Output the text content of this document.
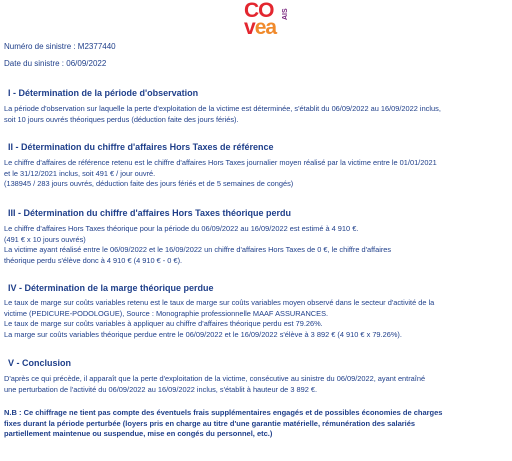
CO
vea
AIS
Numéro de sinistre : M2377440
Date du sinistre : 06/09/2022
I - Détermination de la période d'observation
La période d'observation sur laquelle la perte d'exploitation de la victime est déterminée, s'établit du 06/09/2022 au 16/09/2022 inclus,
soit 10 jours ouvrés théoriques perdus (déduction faite des jours fériés).
II - Détermination du chiffre d'affaires Hors Taxes de référence
Le chiffre d'affaires de référence retenu est le chiffre d'affaires Hors Taxes journalier moyen réalisé par la victime entre le 01/01/2021
et le 31/12/2021 inclus, soit 491 € / jour ouvré.
(138945 / 283 jours ouvrés, déduction faite des jours fériés et de 5 semaines de congés)
III - Détermination du chiffre d'affaires Hors Taxes théorique perdu
Le chiffre d'affaires Hors Taxes théorique pour la période du 06/09/2022 au 16/09/2022 est estimé à 4 910 €.
(491 € x 10 jours ouvrés)
La victime ayant réalisé entre le 06/09/2022 et le 16/09/2022 un chiffre d'affaires Hors Taxes de 0 €, le chiffre d'affaires
théorique perdu s'élève donc à 4 910 € (4 910 € - 0 €).
IV - Détermination de la marge théorique perdue
Le taux de marge sur coûts variables retenu est le taux de marge sur coûts variables moyen observé dans le secteur d'activité de la
victime (PEDICURE-PODOLOGUE), Source : Monographie professionnelle MAAF ASSURANCES.
Le taux de marge sur coûts variables à appliquer au chiffre d'affaires théorique perdu est 79.26%.
La marge sur coûts variables théorique perdue entre le 06/09/2022 et le 16/09/2022 s'élève à 3 892 € (4 910 € x 79.26%).
V - Conclusion
D'après ce qui précède, il apparaît que la perte d'exploitation de la victime, consécutive au sinistre du 06/09/2022, ayant entraîné
une perturbation de l'activité du 06/09/2022 au 16/09/2022 inclus, s'établit à hauteur de 3 892 €.
N.B : Ce chiffrage ne tient pas compte des éventuels frais supplémentaires engagés et de possibles économies de charges
fixes durant la période perturbée (loyers pris en charge au titre d'une garantie matérielle, rémunération des salariés
partiellement maintenue ou suspendue, mise en congés du personnel, etc.)
